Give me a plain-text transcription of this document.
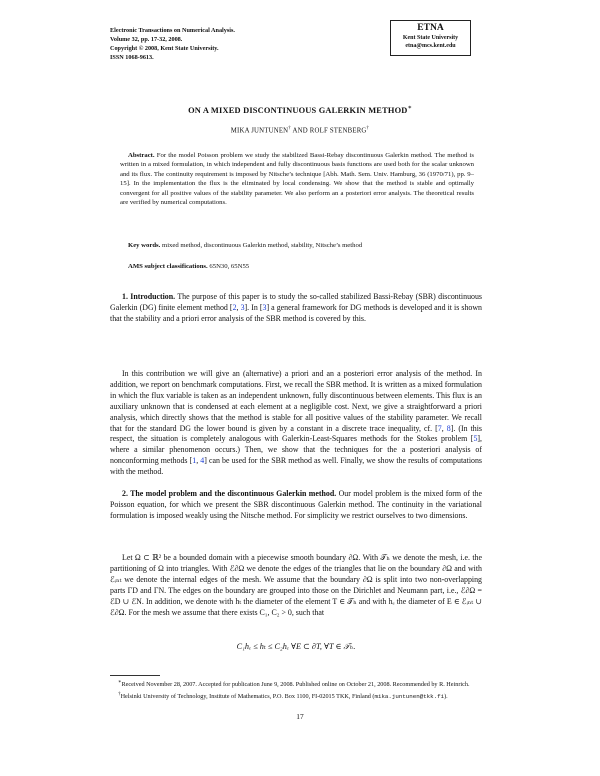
Electronic Transactions on Numerical Analysis.
Volume 32, pp. 17-32, 2008.
Copyright © 2008, Kent State University.
ISSN 1068-9613.
ETNA
Kent State University
etna@mcs.kent.edu
ON A MIXED DISCONTINUOUS GALERKIN METHOD∗
MIKA JUNTUNEN† AND ROLF STENBERG†
Abstract. For the model Poisson problem we study the stabilized Bassi-Rebay discontinuous Galerkin method. The method is written in a mixed formulation, in which independent and fully discontinuous basis functions are used both for the scalar unknown and its flux. The continuity requirement is imposed by Nitsche’s technique [Abh. Math. Sem. Univ. Hamburg, 36 (1970/71), pp. 9–15]. In the implementation the flux is the eliminated by local condensing. We show that the method is stable and optimally convergent for all positive values of the stability parameter. We also perform an a posteriori error analysis. The theoretical results are verified by numerical computations.
Key words. mixed method, discontinuous Galerkin method, stability, Nitsche’s method
AMS subject classifications. 65N30, 65N55

1. Introduction. The purpose of this paper is to study the so-called stabilized Bassi-Rebay (SBR) discontinuous Galerkin (DG) finite element method [2, 3]. In [3] a general framework for DG methods is developed and it is shown that the stability and a priori error analysis of the SBR method is covered by this.

In this contribution we will give an (alternative) a priori and an a posteriori error analysis of the method. In addition, we report on benchmark computations. First, we recall the SBR method. It is written as a mixed formulation in which the flux variable is taken as an independent unknown, fully discontinuous between elements. This flux is an auxiliary unknown that is condensed at each element at a negligible cost. Next, we give a straightforward a priori analysis, which directly shows that the method is stable for all positive values of the stability parameter. We recall that for the standard DG the lower bound is given by a constant in a discrete trace inequality, cf. [7, 8]. (In this respect, the situation is completely analogous with Galerkin-Least-Squares methods for the Stokes problem [5], where a similar phenomenon occurs.) Then, we show that the techniques for the a posteriori analysis of nonconforming methods [1, 4] can be used for the SBR method as well. Finally, we show the results of computations with the method.

2. The model problem and the discontinuous Galerkin method. Our model problem is the mixed form of the Poisson equation, for which we present the SBR discontinuous Galerkin method. The continuity in the variational formulation is imposed weakly using the Nitsche method. For simplicity we restrict ourselves to two dimensions.

Let Ω ⊂ ℝ² be a bounded domain with a piecewise smooth boundary ∂Ω. With 𝒯ₕ we denote the mesh, i.e. the partitioning of Ω into triangles. With ℰ∂Ω we denote the edges of the triangles that lie on the boundary ∂Ω and with ℰᵢₙₜ we denote the internal edges of the mesh. We assume that the boundary ∂Ω is split into two non-overlapping parts ΓD and ΓN. The edges on the boundary are grouped into those on the Dirichlet and Neumann part, i.e., ℰ∂Ω = ℰD ∪ ℰN. In addition, we denote with hₜ the diameter of the element T ∈ 𝒯ₕ and with hₑ the diameter of E ∈ ℰᵢₙₜ ∪ ℰ∂Ω. For the mesh we assume that there exists C₁, C₂ > 0, such that

C₁hₑ ≤ hₜ ≤ C₂hₑ ∀E ⊂ ∂T, ∀T ∈ 𝒯ₕ.

∗Received November 28, 2007. Accepted for publication June 9, 2008. Published online on October 21, 2008. Recommended by R. Heinrich.

†Helsinki University of Technology, Institute of Mathematics, P.O. Box 1100, FI-02015 TKK, Finland (mika.juntunen@tkk.fi).

17
